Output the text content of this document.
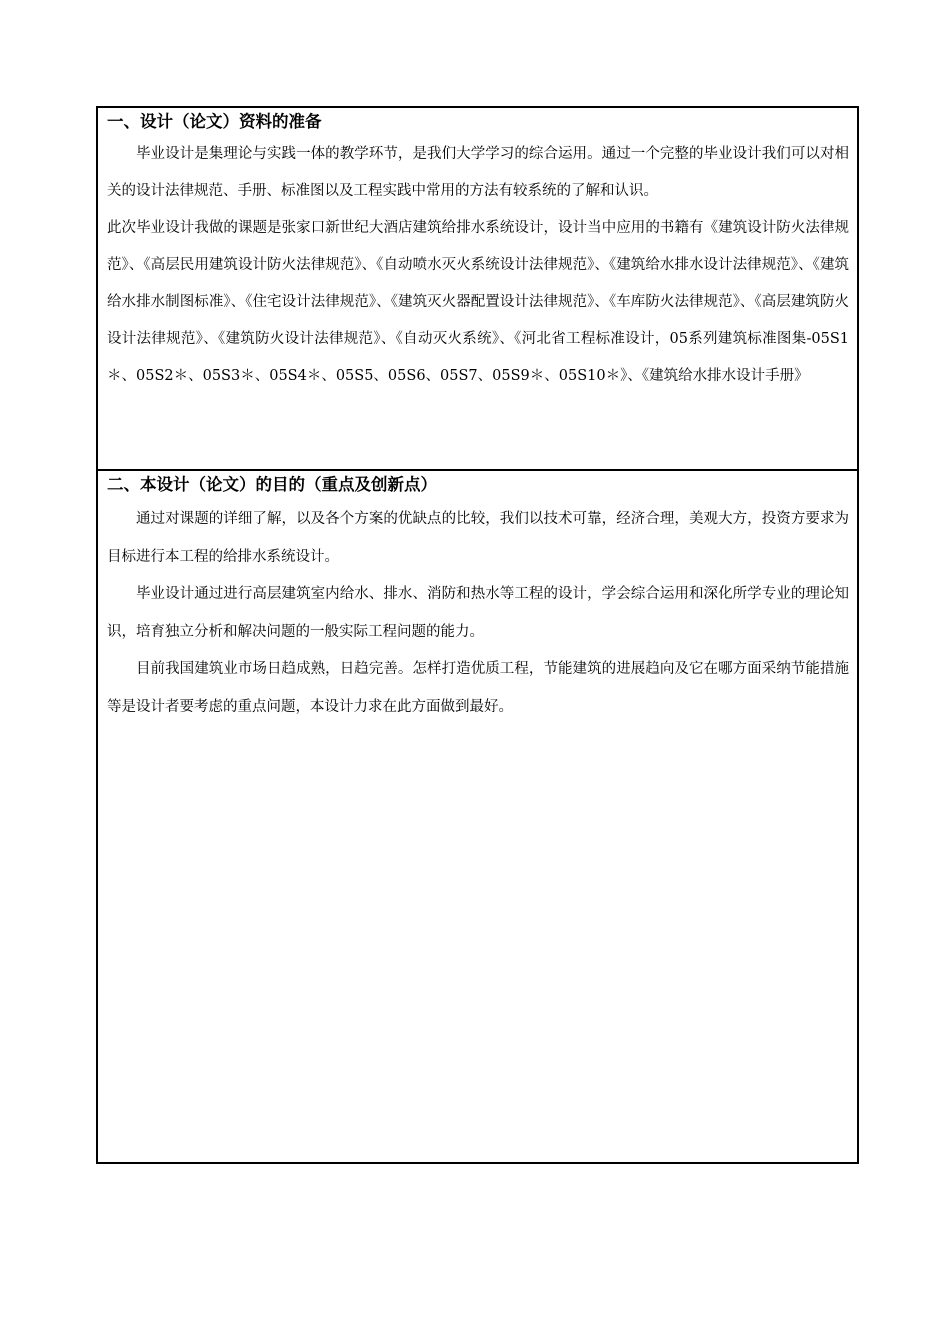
一、设计（论文）资料的准备

毕业设计是集理论与实践一体的教学环节，是我们大学学习的综合运用。通过一个完整的毕业设计我们可以对相关的设计法律规范、手册、标准图以及工程实践中常用的方法有较系统的了解和认识。

此次毕业设计我做的课题是张家口新世纪大酒店建筑给排水系统设计，设计当中应用的书籍有《建筑设计防火法律规范》、《高层民用建筑设计防火法律规范》、《自动喷水灭火系统设计法律规范》、《建筑给水排水设计法律规范》、《建筑给水排水制图标准》、《住宅设计法律规范》、《建筑灭火器配置设计法律规范》、《车库防火法律规范》、《高层建筑防火设计法律规范》、《建筑防火设计法律规范》、《自动灭火系统》、《河北省工程标准设计，05系列建筑标准图集-05S1＊、05S2＊、05S3＊、05S4＊、05S5、05S6、05S7、05S9＊、05S10＊》、《建筑给水排水设计手册》

二、本设计（论文）的目的（重点及创新点）

通过对课题的详细了解，以及各个方案的优缺点的比较，我们以技术可靠，经济合理，美观大方，投资方要求为目标进行本工程的给排水系统设计。

毕业设计通过进行高层建筑室内给水、排水、消防和热水等工程的设计，学会综合运用和深化所学专业的理论知识，培育独立分析和解决问题的一般实际工程问题的能力。

目前我国建筑业市场日趋成熟，日趋完善。怎样打造优质工程，节能建筑的进展趋向及它在哪方面采纳节能措施等是设计者要考虑的重点问题，本设计力求在此方面做到最好。
